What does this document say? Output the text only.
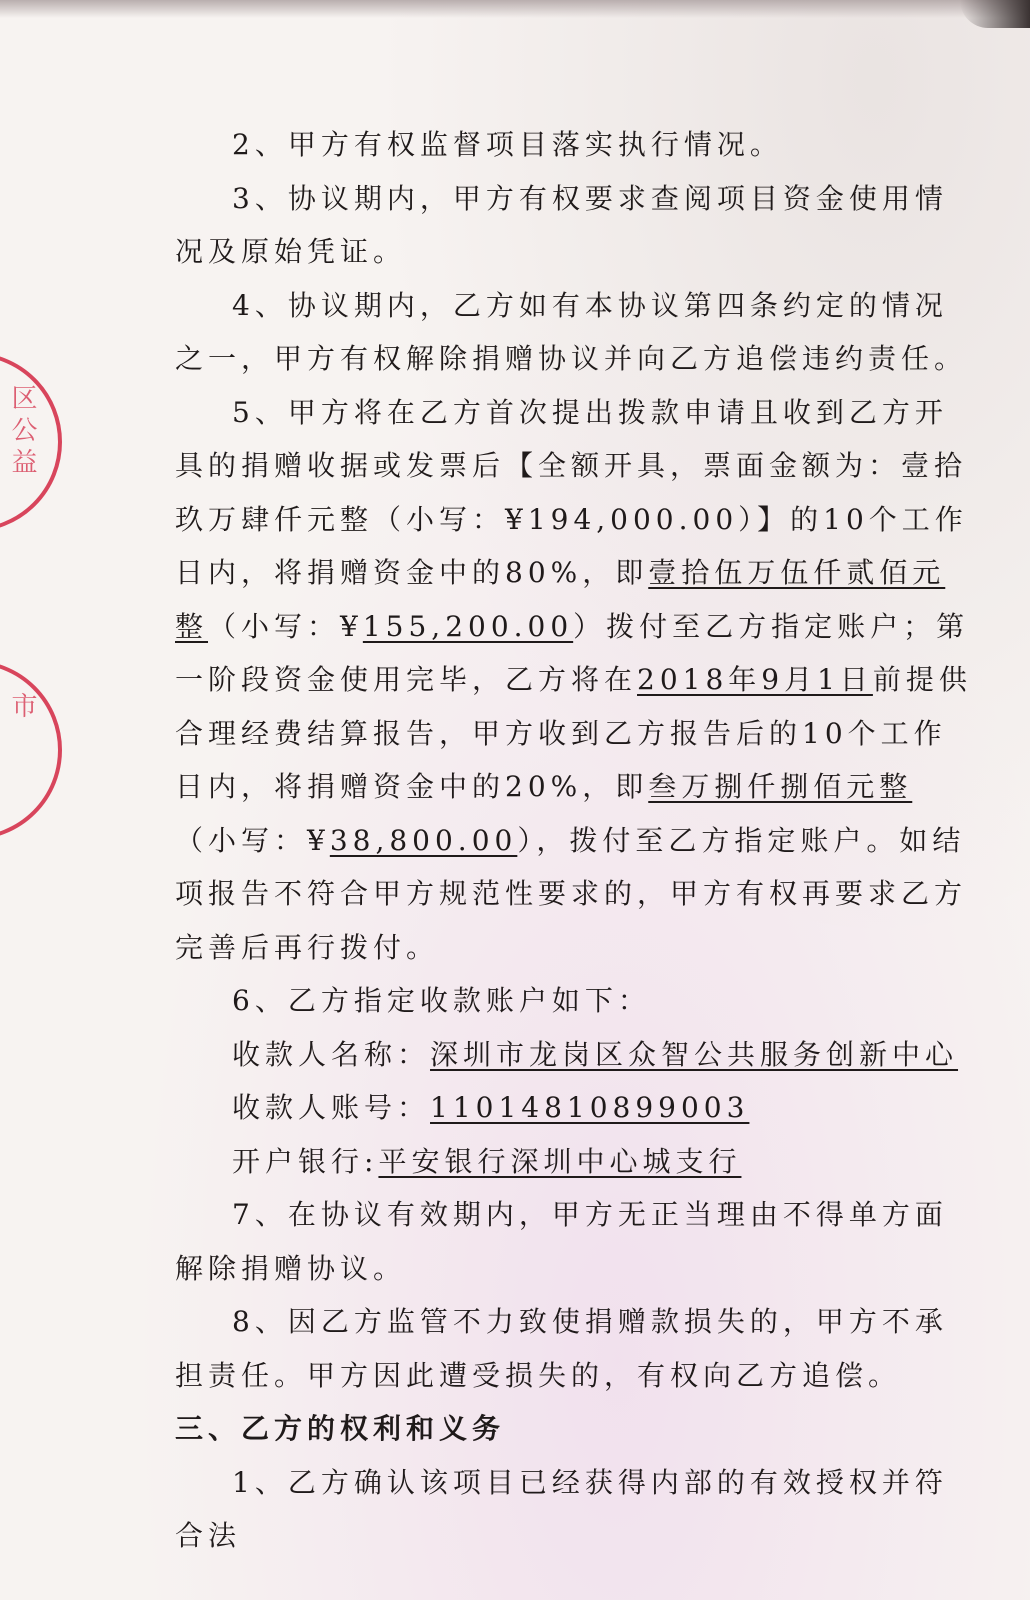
区公益
市

2、甲方有权监督项目落实执行情况。

3、协议期内，甲方有权要求查阅项目资金使用情况及原始凭证。

4、协议期内，乙方如有本协议第四条约定的情况之一，甲方有权解除捐赠协议并向乙方追偿违约责任。

5、甲方将在乙方首次提出拨款申请且收到乙方开具的捐赠收据或发票后【全额开具，票面金额为：壹拾玖万肆仟元整（小写：¥194,000.00）】的10个工作日内，将捐赠资金中的80%，即壹拾伍万伍仟贰佰元整（小写：¥155,200.00）拨付至乙方指定账户；第一阶段资金使用完毕，乙方将在2018年9月1日前提供合理经费结算报告，甲方收到乙方报告后的10个工作日内，将捐赠资金中的20%，即叁万捌仟捌佰元整（小写：¥38,800.00），拨付至乙方指定账户。如结项报告不符合甲方规范性要求的，甲方有权再要求乙方完善后再行拨付。

6、乙方指定收款账户如下：

收款人名称：深圳市龙岗区众智公共服务创新中心

收款人账号：11014810899003

开户银行:平安银行深圳中心城支行

7、在协议有效期内，甲方无正当理由不得单方面解除捐赠协议。

8、因乙方监管不力致使捐赠款损失的，甲方不承担责任。甲方因此遭受损失的，有权向乙方追偿。

三、乙方的权利和义务

1、乙方确认该项目已经获得内部的有效授权并符合法
